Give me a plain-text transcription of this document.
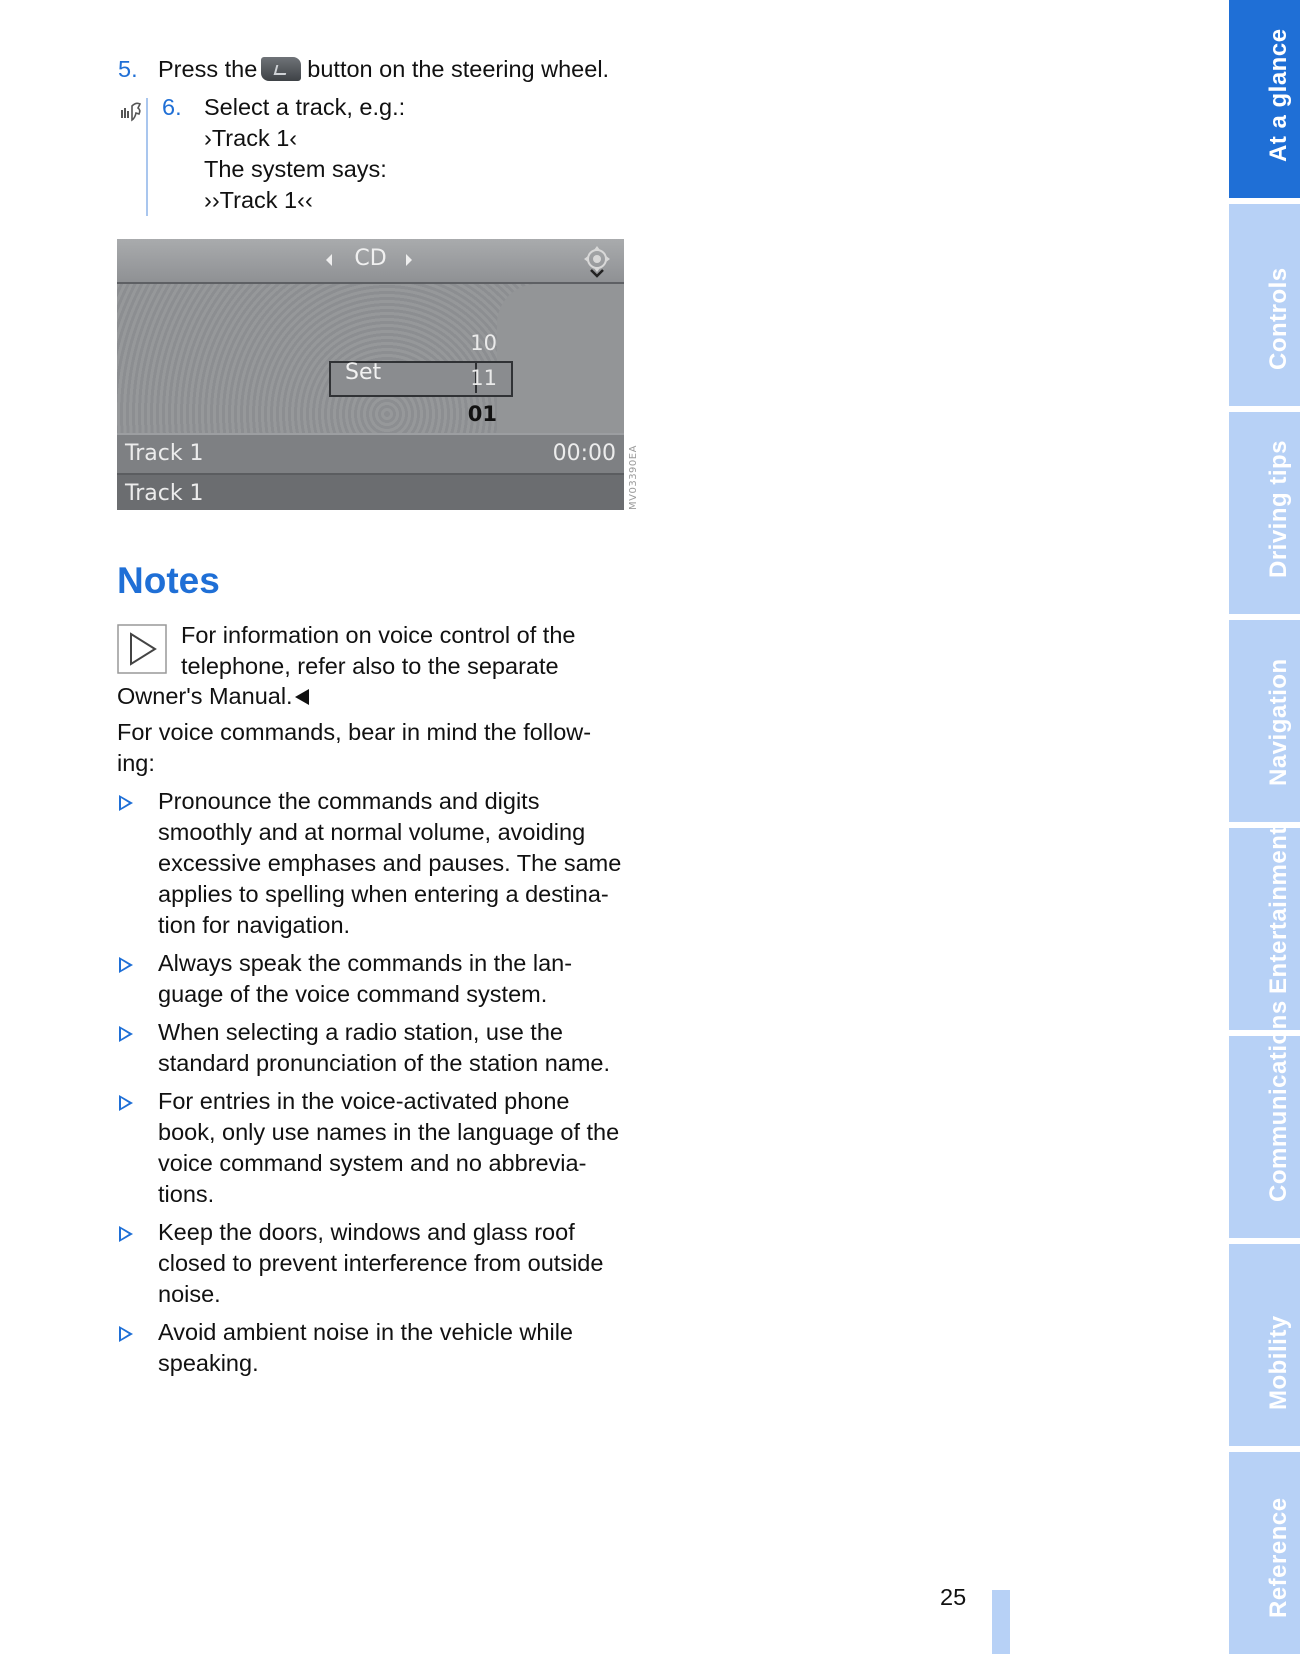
5. Press the button on the steering wheel.
6. Select a track, e.g.:
›Track 1‹
The system says:
››Track 1‹‹
CD
Set
10
11
01
Track 1	00:00
Track 1	MV03390EA
Notes
For information on voice control of the
telephone, refer also to the separate
Owner's Manual.
For voice commands, bear in mind the follow-
ing:
Pronounce the commands and digits
smoothly and at normal volume, avoiding
excessive emphases and pauses. The same
applies to spelling when entering a destina-
tion for navigation.
Always speak the commands in the lan-
guage of the voice command system.
When selecting a radio station, use the
standard pronunciation of the station name.
For entries in the voice-activated phone
book, only use names in the language of the
voice command system and no abbrevia-
tions.
Keep the doors, windows and glass roof
closed to prevent interference from outside
noise.
Avoid ambient noise in the vehicle while
speaking.
25
At a glance
Controls
Driving tips
Navigation
Entertainment
Communications
Mobility
Reference
